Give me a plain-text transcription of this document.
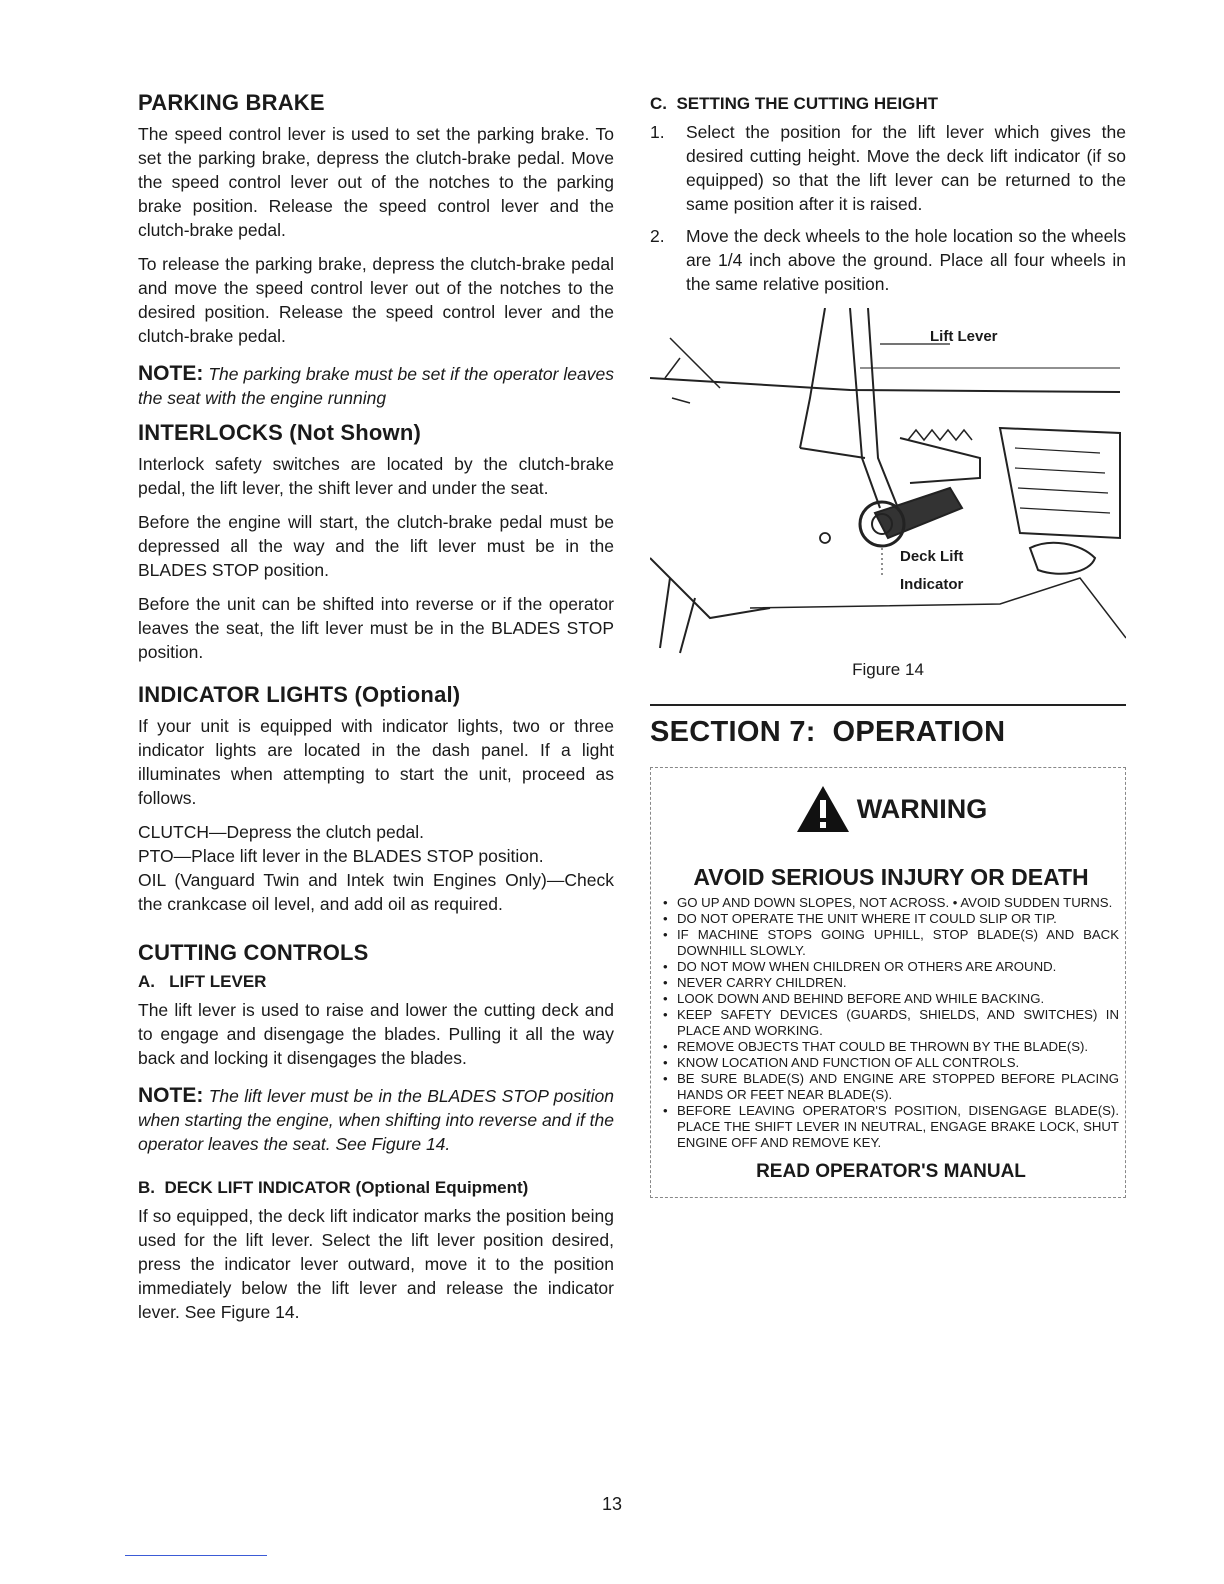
PARKING BRAKE

The speed control lever is used to set the parking brake. To set the parking brake, depress the clutch-brake pedal. Move the speed control lever out of the notches to the parking brake position. Release the speed control lever and the clutch-brake pedal.

To release the parking brake, depress the clutch-brake pedal and move the speed control lever out of the notches to the desired position. Release the speed control lever and the clutch-brake pedal.

NOTE: The parking brake must be set if the operator leaves the seat with the engine running

INTERLOCKS (Not Shown)

Interlock safety switches are located by the clutch-brake pedal, the lift lever, the shift lever and under the seat.

Before the engine will start, the clutch-brake pedal must be depressed all the way and the lift lever must be in the BLADES STOP position.

Before the unit can be shifted into reverse or if the operator leaves the seat, the lift lever must be in the BLADES STOP position.

INDICATOR LIGHTS (Optional)

If your unit is equipped with indicator lights, two or three indicator lights are located in the dash panel. If a light illuminates when attempting to start the unit, proceed as follows.

CLUTCH—Depress the clutch pedal.

PTO—Place lift lever in the BLADES STOP position.

OIL (Vanguard Twin and Intek twin Engines Only)—Check the crankcase oil level, and add oil as required.

CUTTING CONTROLS
A.   LIFT LEVER

The lift lever is used to raise and lower the cutting deck and to engage and disengage the blades. Pulling it all the way back and locking it disengages the blades.

NOTE: The lift lever must be in the BLADES STOP position when starting the engine, when shifting into reverse and if the operator leaves the seat. See Figure 14.

B.  DECK LIFT INDICATOR (Optional Equipment)

If so equipped, the deck lift indicator marks the position being used for the lift lever. Select the lift lever position desired, press the indicator lever outward, move it to the position immediately below the lift lever and release the indicator lever. See Figure 14.

C.  SETTING THE CUTTING HEIGHT
1. Select the position for the lift lever which gives the desired cutting height. Move the deck lift indicator (if so equipped) so that the lift lever can be returned to the same position after it is raised.
2. Move the deck wheels to the hole location so the wheels are 1/4 inch above the ground. Place all four wheels in the same relative position.
Lift Lever
Deck Lift
Indicator
Figure 14
SECTION 7:  OPERATION
WARNING
AVOID SERIOUS INJURY OR DEATH
• GO UP AND DOWN SLOPES, NOT ACROSS. • AVOID SUDDEN TURNS.
• DO NOT OPERATE THE UNIT WHERE IT COULD SLIP OR TIP.
• IF MACHINE STOPS GOING UPHILL, STOP BLADE(S) AND BACK DOWNHILL SLOWLY.
• DO NOT MOW WHEN CHILDREN OR OTHERS ARE AROUND.
• NEVER CARRY CHILDREN.
• LOOK DOWN AND BEHIND BEFORE AND WHILE BACKING.
• KEEP SAFETY DEVICES (GUARDS, SHIELDS, AND SWITCHES) IN PLACE AND WORKING.
• REMOVE OBJECTS THAT COULD BE THROWN BY THE BLADE(S).
• KNOW LOCATION AND FUNCTION OF ALL CONTROLS.
• BE SURE BLADE(S) AND ENGINE ARE STOPPED BEFORE PLACING HANDS OR FEET NEAR BLADE(S).
• BEFORE LEAVING OPERATOR'S POSITION, DISENGAGE BLADE(S). PLACE THE SHIFT LEVER IN NEUTRAL, ENGAGE BRAKE LOCK, SHUT ENGINE OFF AND REMOVE KEY.
READ OPERATOR'S MANUAL
13
